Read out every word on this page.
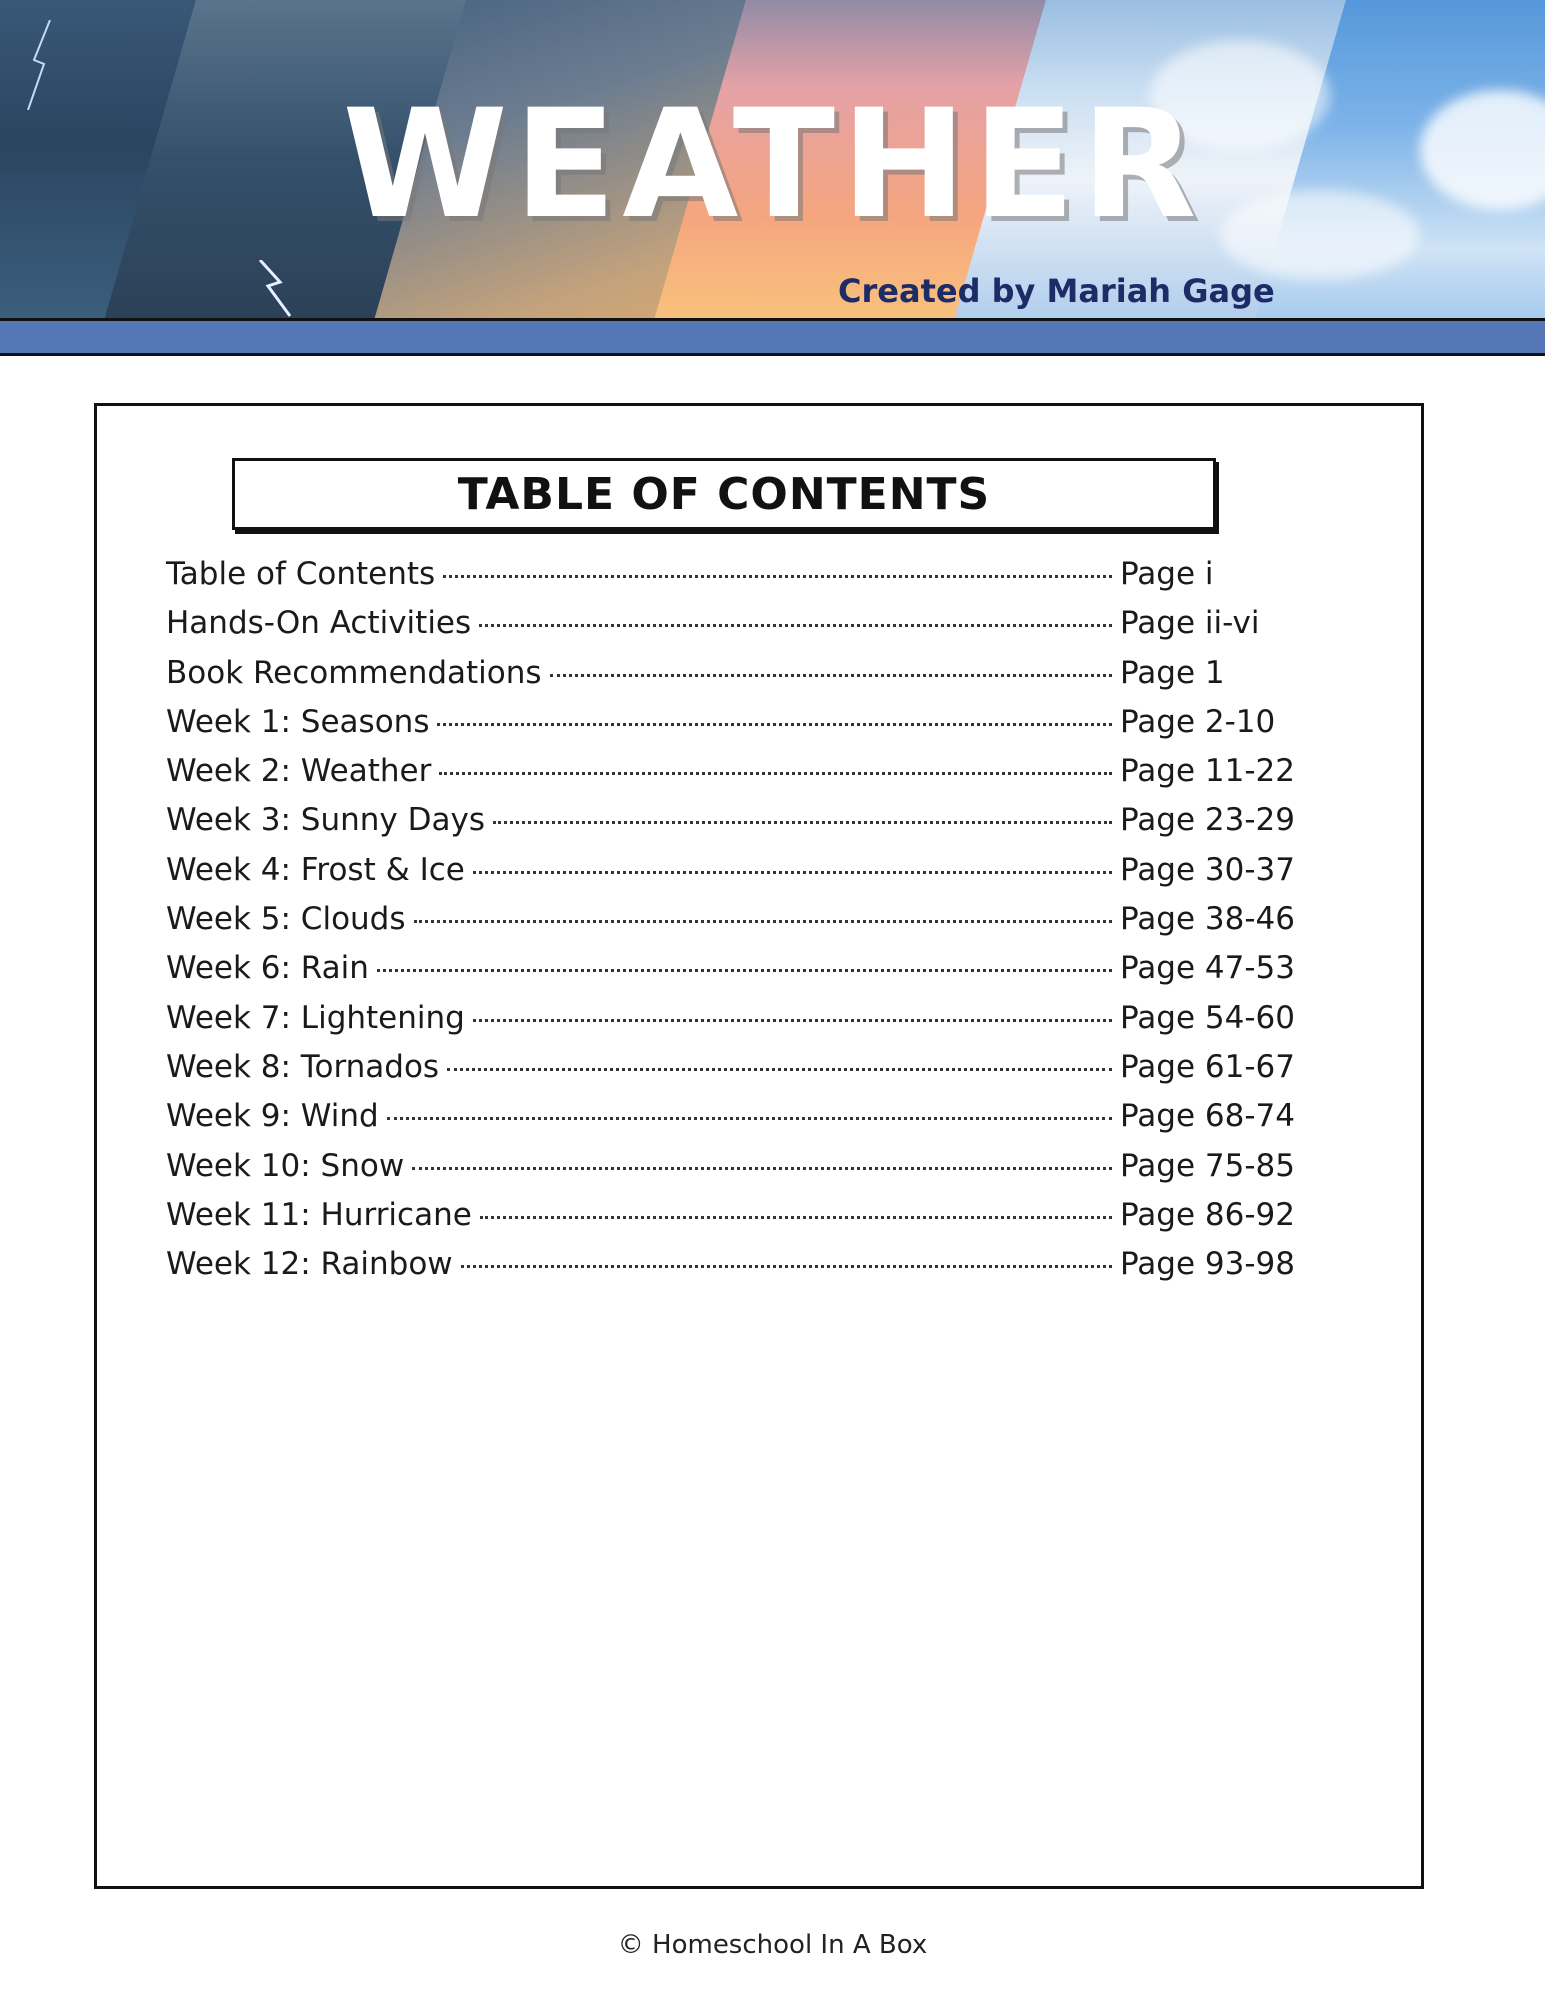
WEATHER
Created by Mariah Gage
TABLE OF CONTENTS
Table of Contents	Page i
Hands-On Activities	Page ii-vi
Book Recommendations	Page 1
Week 1: Seasons	Page 2-10
Week 2: Weather	Page 11-22
Week 3: Sunny Days	Page 23-29
Week 4: Frost & Ice	Page 30-37
Week 5: Clouds	Page 38-46
Week 6: Rain	Page 47-53
Week 7: Lightening	Page 54-60
Week 8: Tornados	Page 61-67
Week 9: Wind	Page 68-74
Week 10: Snow	Page 75-85
Week 11: Hurricane	Page 86-92
Week 12: Rainbow	Page 93-98
© Homeschool In A Box
